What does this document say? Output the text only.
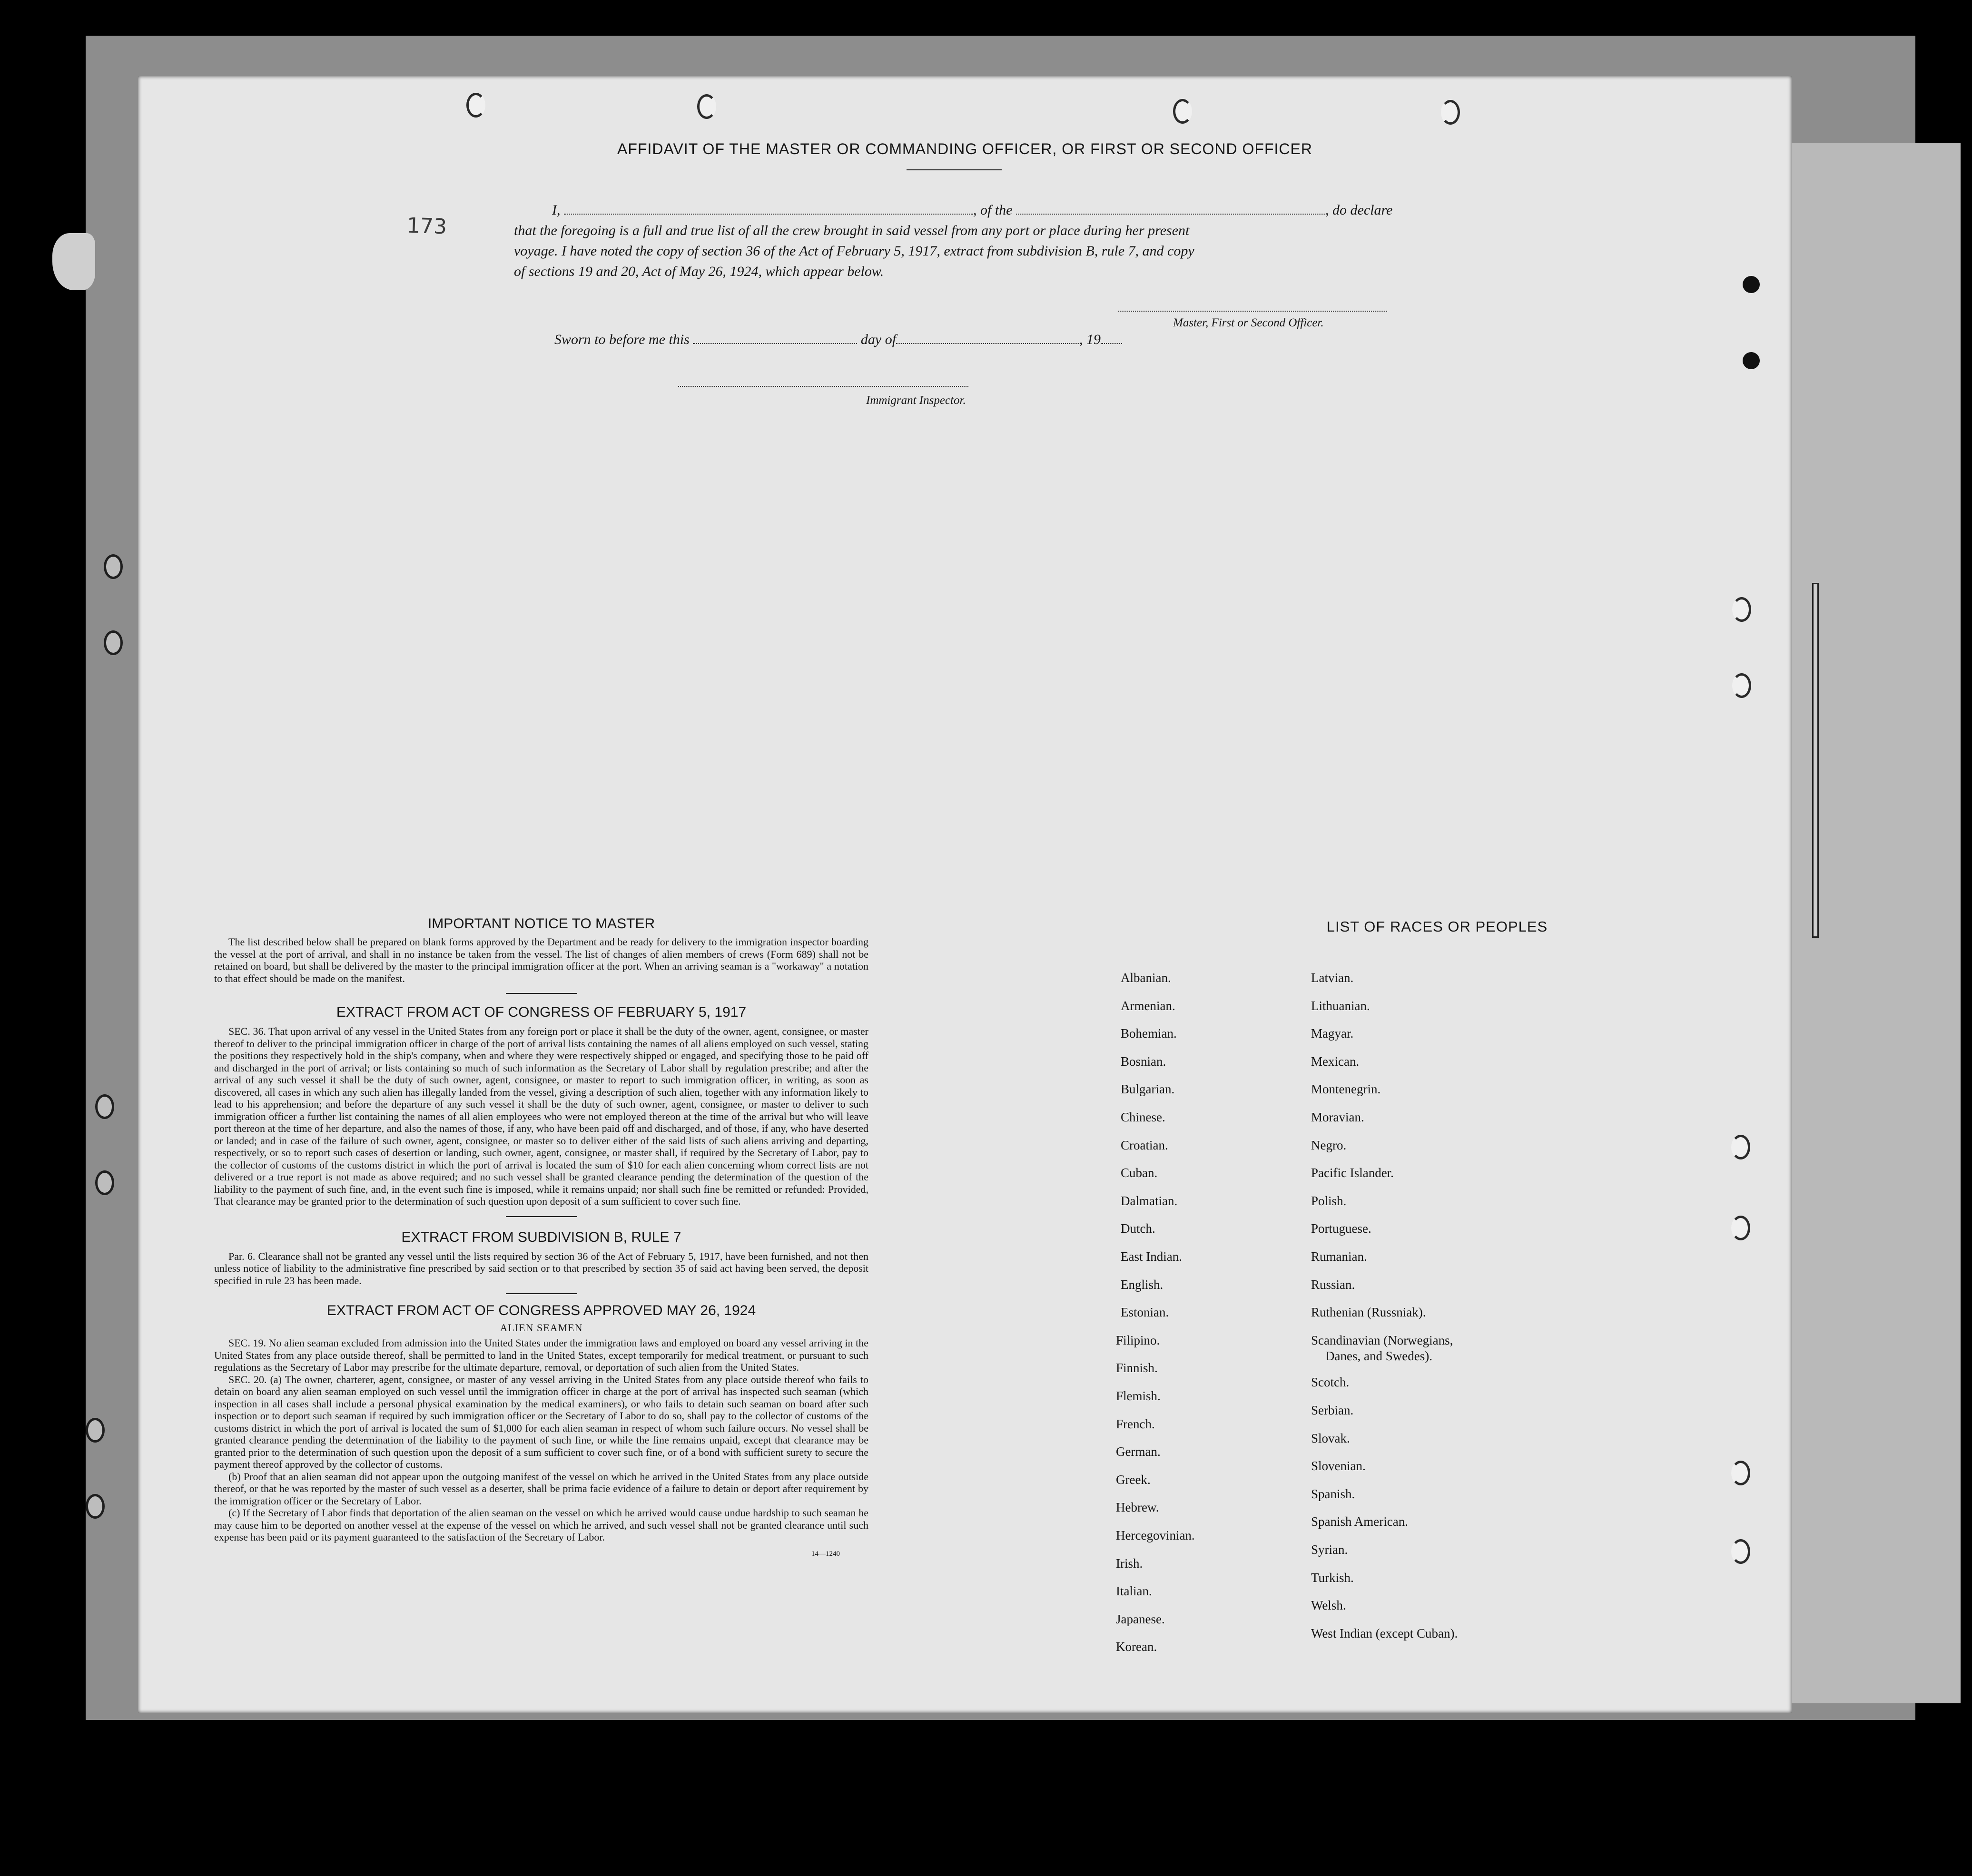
AFFIDAVIT OF THE MASTER OR COMMANDING OFFICER, OR FIRST OR SECOND OFFICER
I,	, of the	, do declare
that the foregoing is a full and true list of all the crew brought in said vessel from any port or place during her present
voyage. I have noted the copy of section 36 of the Act of February 5, 1917, extract from subdivision B, rule 7, and copy
of sections 19 and 20, Act of May 26, 1924, which appear below.
Master, First or Second Officer.
Sworn to before me this	day of	, 19
Immigrant Inspector.
IMPORTANT NOTICE TO MASTER
The list described below shall be prepared on blank forms approved by the Department and be ready for delivery to the immigration inspector boarding the vessel at the port of arrival, and shall in no instance be taken from the vessel. The list of changes of alien members of crews (Form 689) shall not be retained on board, but shall be delivered by the master to the principal immigration officer at the port. When an arriving seaman is a "workaway" a notation to that effect should be made on the manifest.
EXTRACT FROM ACT OF CONGRESS OF FEBRUARY 5, 1917
SEC. 36. That upon arrival of any vessel in the United States from any foreign port or place it shall be the duty of the owner, agent, consignee, or master thereof to deliver to the principal immigration officer in charge of the port of arrival lists containing the names of all aliens employed on such vessel, stating the positions they respectively hold in the ship's company, when and where they were respectively shipped or engaged, and specifying those to be paid off and discharged in the port of arrival; or lists containing so much of such information as the Secretary of Labor shall by regulation prescribe; and after the arrival of any such vessel it shall be the duty of such owner, agent, consignee, or master to report to such immigration officer, in writing, as soon as discovered, all cases in which any such alien has illegally landed from the vessel, giving a description of such alien, together with any information likely to lead to his apprehension; and before the departure of any such vessel it shall be the duty of such owner, agent, consignee, or master to deliver to such immigration officer a further list containing the names of all alien employees who were not employed thereon at the time of the arrival but who will leave port thereon at the time of her departure, and also the names of those, if any, who have been paid off and discharged, and of those, if any, who have deserted or landed; and in case of the failure of such owner, agent, consignee, or master so to deliver either of the said lists of such aliens arriving and departing, respectively, or so to report such cases of desertion or landing, such owner, agent, consignee, or master shall, if required by the Secretary of Labor, pay to the collector of customs of the customs district in which the port of arrival is located the sum of $10 for each alien concerning whom correct lists are not delivered or a true report is not made as above required; and no such vessel shall be granted clearance pending the determination of the question of the liability to the payment of such fine, and, in the event such fine is imposed, while it remains unpaid; nor shall such fine be remitted or refunded: Provided, That clearance may be granted prior to the determination of such question upon deposit of a sum sufficient to cover such fine.
EXTRACT FROM SUBDIVISION B, RULE 7
Par. 6. Clearance shall not be granted any vessel until the lists required by section 36 of the Act of February 5, 1917, have been furnished, and not then unless notice of liability to the administrative fine prescribed by said section or to that prescribed by section 35 of said act having been served, the deposit specified in rule 23 has been made.
EXTRACT FROM ACT OF CONGRESS APPROVED MAY 26, 1924
ALIEN SEAMEN
SEC. 19. No alien seaman excluded from admission into the United States under the immigration laws and employed on board any vessel arriving in the United States from any place outside thereof, shall be permitted to land in the United States, except temporarily for medical treatment, or pursuant to such regulations as the Secretary of Labor may prescribe for the ultimate departure, removal, or deportation of such alien from the United States.
SEC. 20. (a) The owner, charterer, agent, consignee, or master of any vessel arriving in the United States from any place outside thereof who fails to detain on board any alien seaman employed on such vessel until the immigration officer in charge at the port of arrival has inspected such seaman (which inspection in all cases shall include a personal physical examination by the medical examiners), or who fails to detain such seaman on board after such inspection or to deport such seaman if required by such immigration officer or the Secretary of Labor to do so, shall pay to the collector of customs of the customs district in which the port of arrival is located the sum of $1,000 for each alien seaman in respect of whom such failure occurs. No vessel shall be granted clearance pending the determination of the liability to the payment of such fine, or while the fine remains unpaid, except that clearance may be granted prior to the determination of such question upon the deposit of a sum sufficient to cover such fine, or of a bond with sufficient surety to secure the payment thereof approved by the collector of customs.
(b) Proof that an alien seaman did not appear upon the outgoing manifest of the vessel on which he arrived in the United States from any place outside thereof, or that he was reported by the master of such vessel as a deserter, shall be prima facie evidence of a failure to detain or deport after requirement by the immigration officer or the Secretary of Labor.
(c) If the Secretary of Labor finds that deportation of the alien seaman on the vessel on which he arrived would cause undue hardship to such seaman he may cause him to be deported on another vessel at the expense of the vessel on which he arrived, and such vessel shall not be granted clearance until such expense has been paid or its payment guaranteed to the satisfaction of the Secretary of Labor.
14—1240
LIST OF RACES OR PEOPLES
Albanian.
Armenian.
Bohemian.
Bosnian.
Bulgarian.
Chinese.
Croatian.
Cuban.
Dalmatian.
Dutch.
East Indian.
English.
Estonian.
Filipino.
Finnish.
Flemish.
French.
German.
Greek.
Hebrew.
Hercegovinian.
Irish.
Italian.
Japanese.
Korean.
Latvian.
Lithuanian.
Magyar.
Mexican.
Montenegrin.
Moravian.
Negro.
Pacific Islander.
Polish.
Portuguese.
Rumanian.
Russian.
Ruthenian (Russniak).
Scandinavian (Norwegians,
Scotch.
Serbian.
Slovak.
Slovenian.
Spanish.
Spanish American.
Syrian.
Turkish.
Welsh.
West Indian (except Cuban).
Danes, and Swedes).
173
